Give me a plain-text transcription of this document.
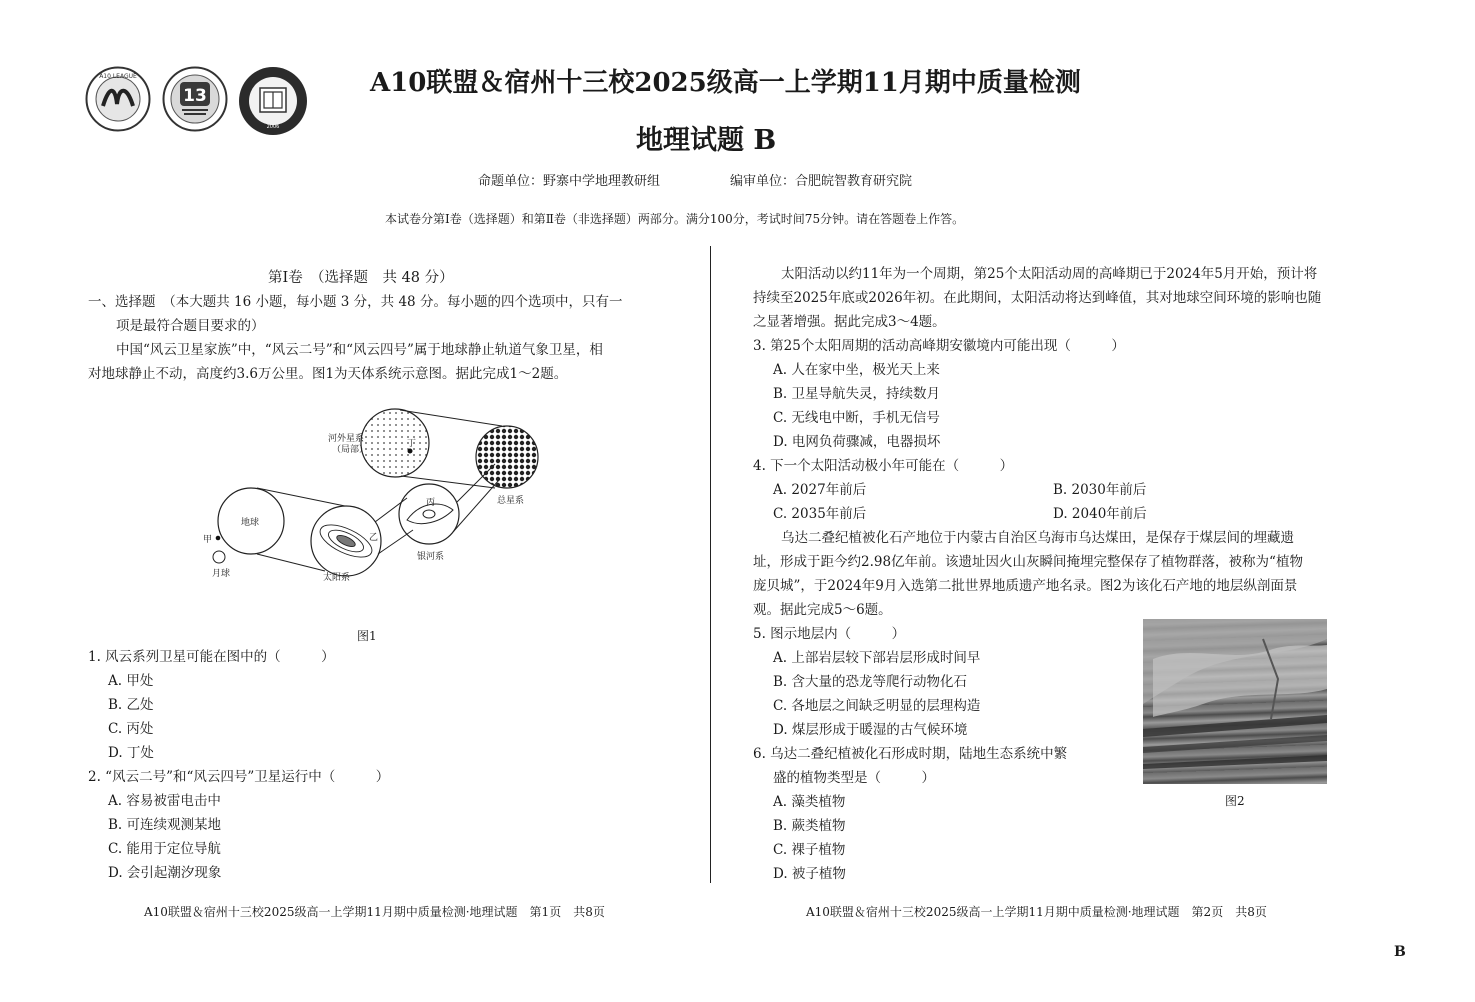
A10 LEAGUE
13
2006
A10联盟＆宿州十三校2025级高一上学期11月期中质量检测
地理试题 B
命题单位：野寨中学地理教研组	编审单位：合肥皖智教育研究院
本试卷分第Ⅰ卷（选择题）和第Ⅱ卷（非选择题）两部分。满分100分，考试时间75分钟。请在答题卷上作答。
第Ⅰ卷　（选择题　共 48 分）
一、选择题　（本大题共 16 小题，每小题 3 分，共 48 分。每小题的四个选项中，只有一
项是最符合题目要求的）
中国“风云卫星家族”中，“风云二号”和“风云四号”属于地球静止轨道气象卫星，相
对地球静止不动，高度约3.6万公里。图1为天体系统示意图。据此完成1～2题。
河外星系
（局部）
丁
总星系
地球
丙
乙
甲
月球	太阳系
银河系
图1
1. 风云系列卫星可能在图中的（　　　）
A. 甲处
B. 乙处
C. 丙处
D. 丁处
2. “风云二号”和“风云四号”卫星运行中（　　　）
A. 容易被雷电击中
B. 可连续观测某地
C. 能用于定位导航
D. 会引起潮汐现象
太阳活动以约11年为一个周期，第25个太阳活动周的高峰期已于2024年5月开始，预计将
持续至2025年底或2026年初。在此期间，太阳活动将达到峰值，其对地球空间环境的影响也随
之显著增强。据此完成3～4题。
3. 第25个太阳周期的活动高峰期安徽境内可能出现（　　　）
A. 人在家中坐，极光天上来
B. 卫星导航失灵，持续数月
C. 无线电中断，手机无信号
D. 电网负荷骤减，电器损坏
4. 下一个太阳活动极小年可能在（　　　）
A. 2027年前后	B. 2030年前后
C. 2035年前后	D. 2040年前后
乌达二叠纪植被化石产地位于内蒙古自治区乌海市乌达煤田，是保存于煤层间的埋藏遗
址，形成于距今约2.98亿年前。该遗址因火山灰瞬间掩埋完整保存了植物群落，被称为“植物
庞贝城”，于2024年9月入选第二批世界地质遗产地名录。图2为该化石产地的地层纵剖面景
观。据此完成5～6题。
5. 图示地层内（　　　）
A. 上部岩层较下部岩层形成时间早
B. 含大量的恐龙等爬行动物化石
C. 各地层之间缺乏明显的层理构造
D. 煤层形成于暖湿的古气候环境
6. 乌达二叠纪植被化石形成时期，陆地生态系统中繁
盛的植物类型是（　　　）
A. 藻类植物
B. 蕨类植物
C. 裸子植物
D. 被子植物
图2
A10联盟＆宿州十三校2025级高一上学期11月期中质量检测·地理试题　第1页　共8页	A10联盟＆宿州十三校2025级高一上学期11月期中质量检测·地理试题　第2页　共8页
B
